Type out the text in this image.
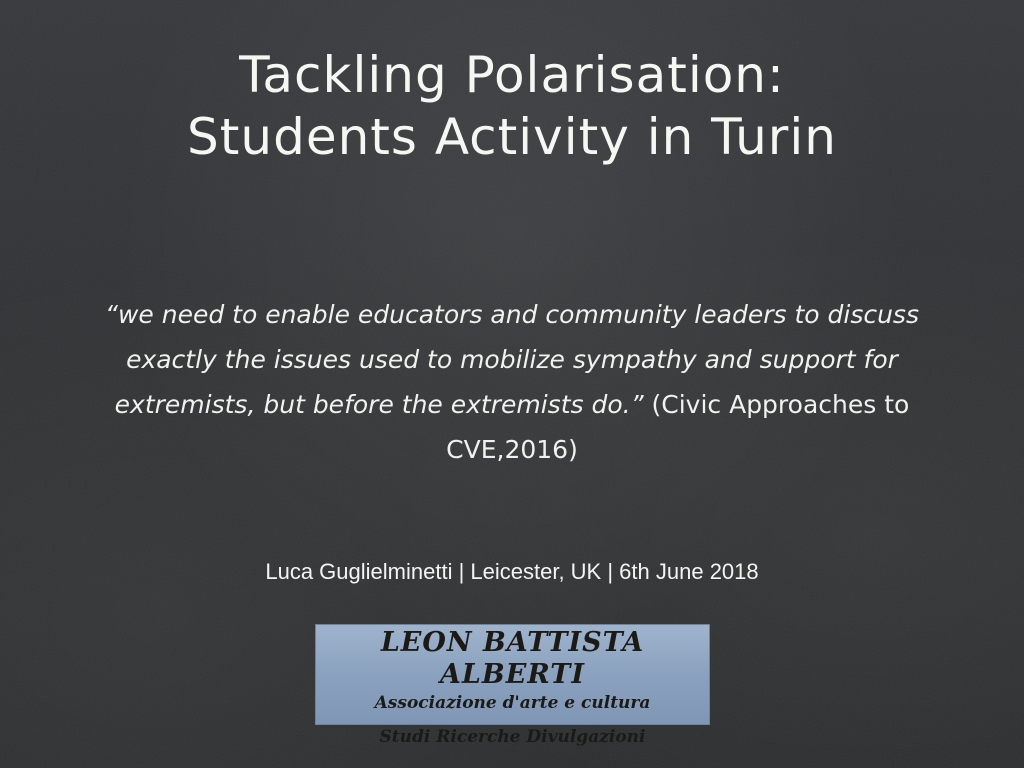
Tackling Polarisation:
Students Activity in Turin
“we need to enable educators and community leaders to discuss exactly the issues used to mobilize sympathy and support for extremists, but before the extremists do.” (Civic Approaches to CVE,2016)
Luca Guglielminetti | Leicester, UK | 6th June 2018
LEON BATTISTA ALBERTI
Associazione d'arte e cultura
Studi Ricerche Divulgazioni
